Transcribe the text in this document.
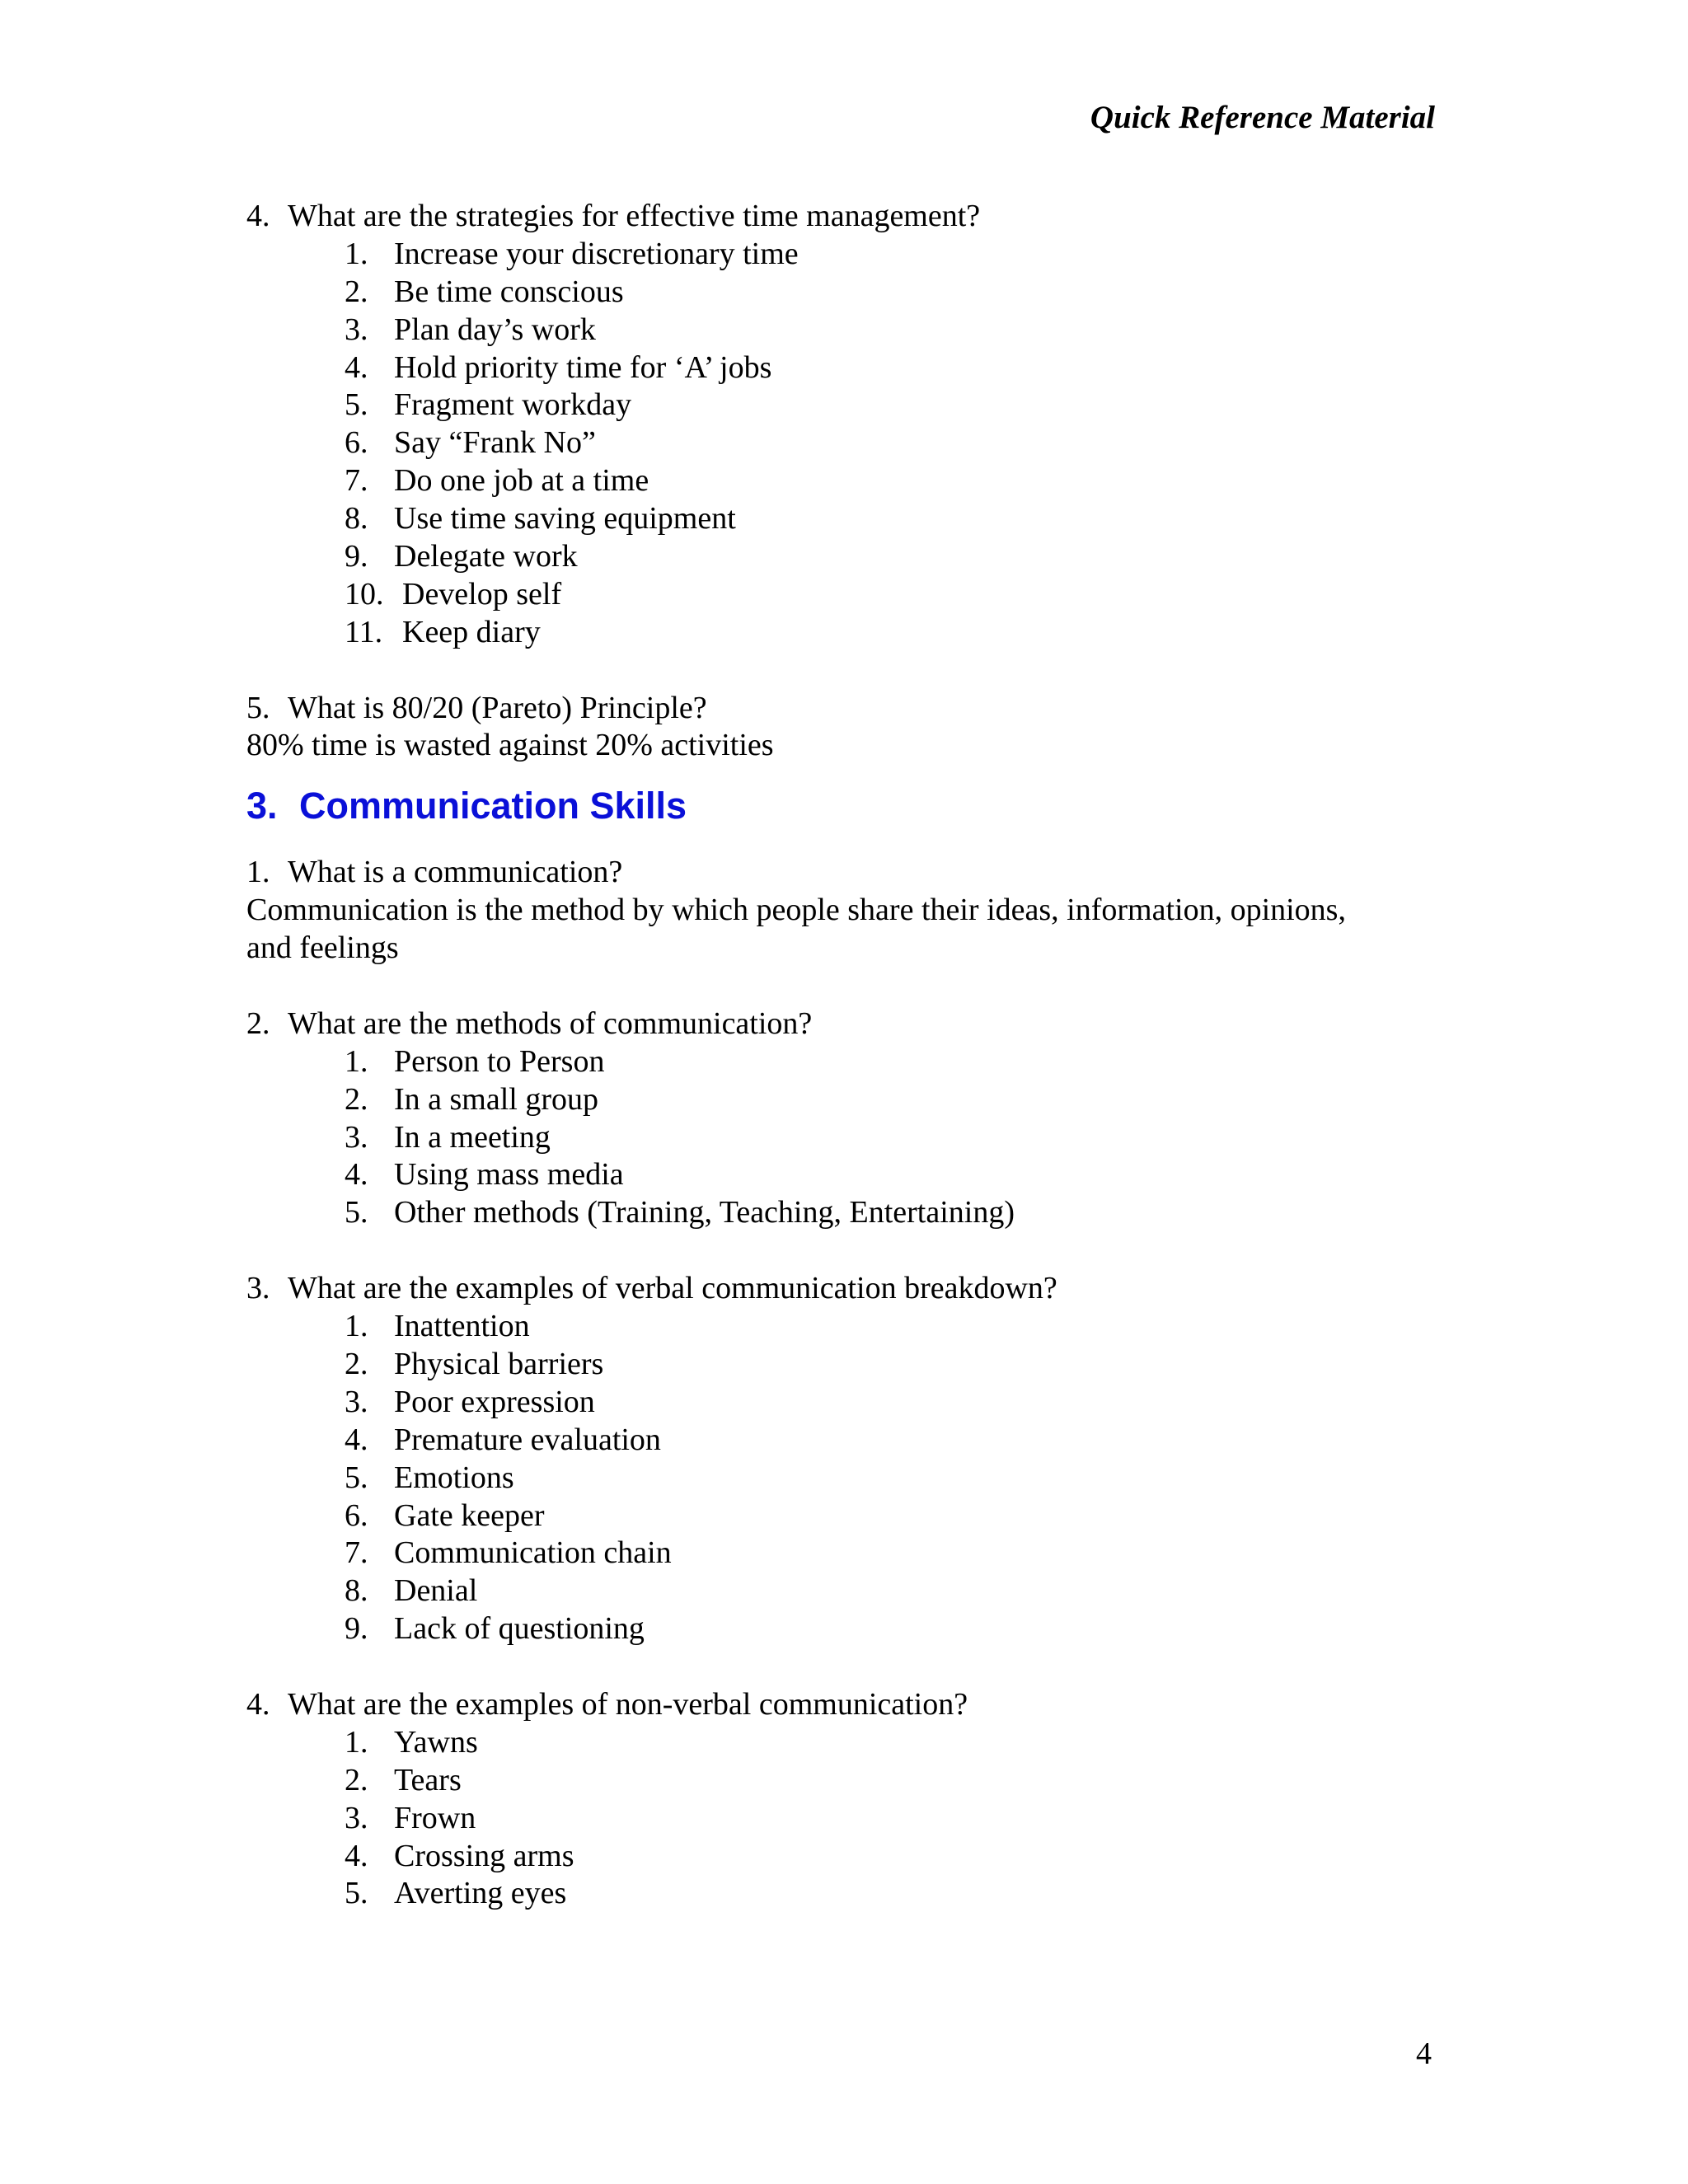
Quick Reference Material
4. What are the strategies for effective time management?
1. Increase your discretionary time
2. Be time conscious
3. Plan day’s work
4. Hold priority time for ‘A’ jobs
5. Fragment workday
6. Say “Frank No”
7. Do one job at a time
8. Use time saving equipment
9. Delegate work
10. Develop self
11. Keep diary
5. What is 80/20 (Pareto) Principle?
80% time is wasted against 20% activities
3. Communication Skills
1. What is a communication?
Communication is the method by which people share their ideas, information, opinions,
and feelings
2. What are the methods of communication?
1. Person to Person
2. In a small group
3. In a meeting
4. Using mass media
5. Other methods (Training, Teaching, Entertaining)
3. What are the examples of verbal communication breakdown?
1. Inattention
2. Physical barriers
3. Poor expression
4. Premature evaluation
5. Emotions
6. Gate keeper
7. Communication chain
8. Denial
9. Lack of questioning
4. What are the examples of non-verbal communication?
1. Yawns
2. Tears
3. Frown
4. Crossing arms
5. Averting eyes
4
